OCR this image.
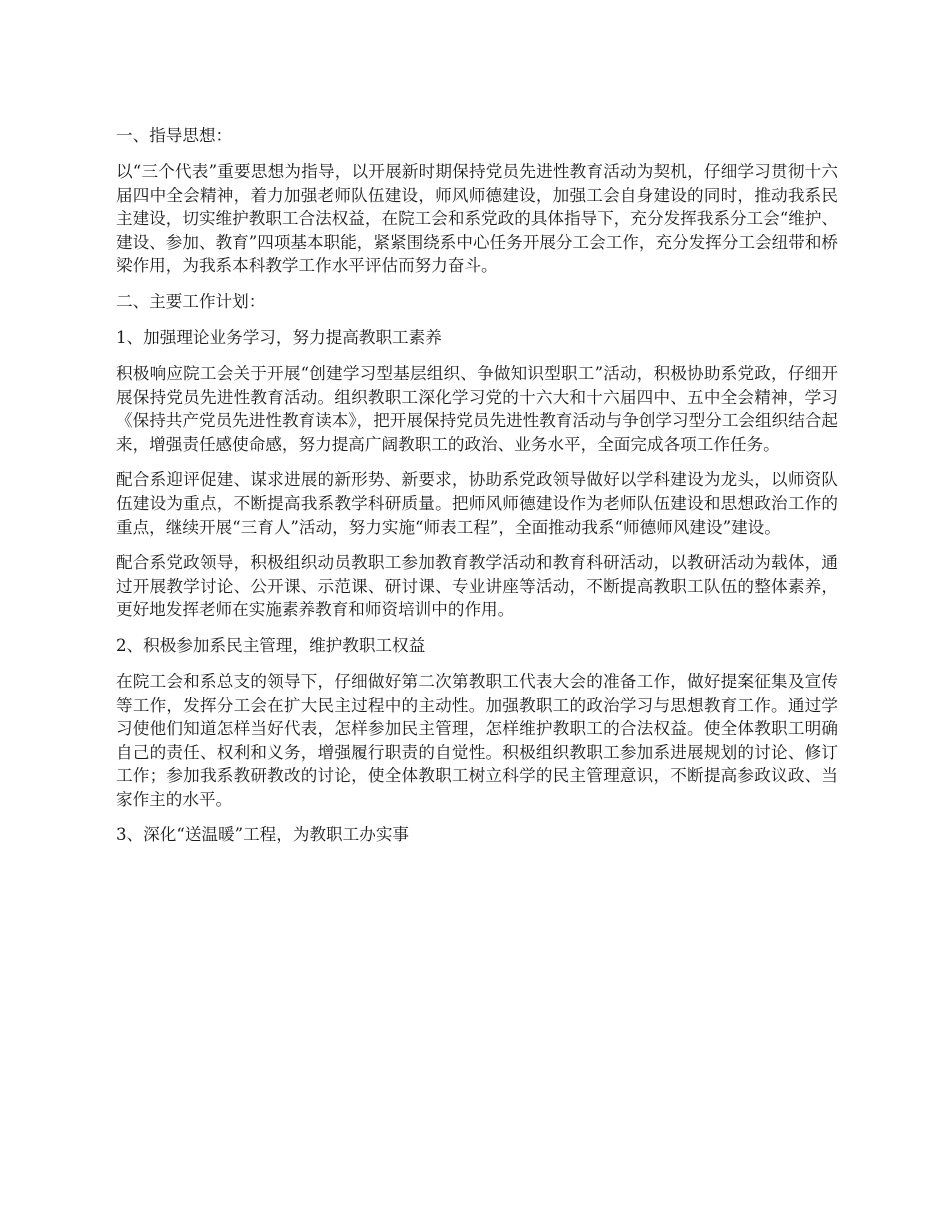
一、指导思想：

以“三个代表”重要思想为指导，以开展新时期保持党员先进性教育活动为契机，仔细学习贯彻十六届四中全会精神，着力加强老师队伍建设，师风师德建设，加强工会自身建设的同时，推动我系民主建设，切实维护教职工合法权益，在院工会和系党政的具体指导下，充分发挥我系分工会“维护、建设、参加、教育”四项基本职能，紧紧围绕系中心任务开展分工会工作，充分发挥分工会纽带和桥梁作用，为我系本科教学工作水平评估而努力奋斗。

二、主要工作计划：

1、加强理论业务学习，努力提高教职工素养

积极响应院工会关于开展“创建学习型基层组织、争做知识型职工”活动，积极协助系党政，仔细开展保持党员先进性教育活动。组织教职工深化学习党的十六大和十六届四中、五中全会精神，学习《保持共产党员先进性教育读本》，把开展保持党员先进性教育活动与争创学习型分工会组织结合起来，增强责任感使命感，努力提高广阔教职工的政治、业务水平，全面完成各项工作任务。

配合系迎评促建、谋求进展的新形势、新要求，协助系党政领导做好以学科建设为龙头，以师资队伍建设为重点，不断提高我系教学科研质量。把师风师德建设作为老师队伍建设和思想政治工作的重点，继续开展“三育人”活动，努力实施“师表工程”，全面推动我系“师德师风建设”建设。

配合系党政领导，积极组织动员教职工参加教育教学活动和教育科研活动，以教研活动为载体，通过开展教学讨论、公开课、示范课、研讨课、专业讲座等活动，不断提高教职工队伍的整体素养，更好地发挥老师在实施素养教育和师资培训中的作用。

2、积极参加系民主管理，维护教职工权益

在院工会和系总支的领导下，仔细做好第二次第教职工代表大会的准备工作，做好提案征集及宣传等工作，发挥分工会在扩大民主过程中的主动性。加强教职工的政治学习与思想教育工作。通过学习使他们知道怎样当好代表，怎样参加民主管理，怎样维护教职工的合法权益。使全体教职工明确自己的责任、权利和义务，增强履行职责的自觉性。积极组织教职工参加系进展规划的讨论、修订工作；参加我系教研教改的讨论，使全体教职工树立科学的民主管理意识，不断提高参政议政、当家作主的水平。

3、深化“送温暖”工程，为教职工办实事
